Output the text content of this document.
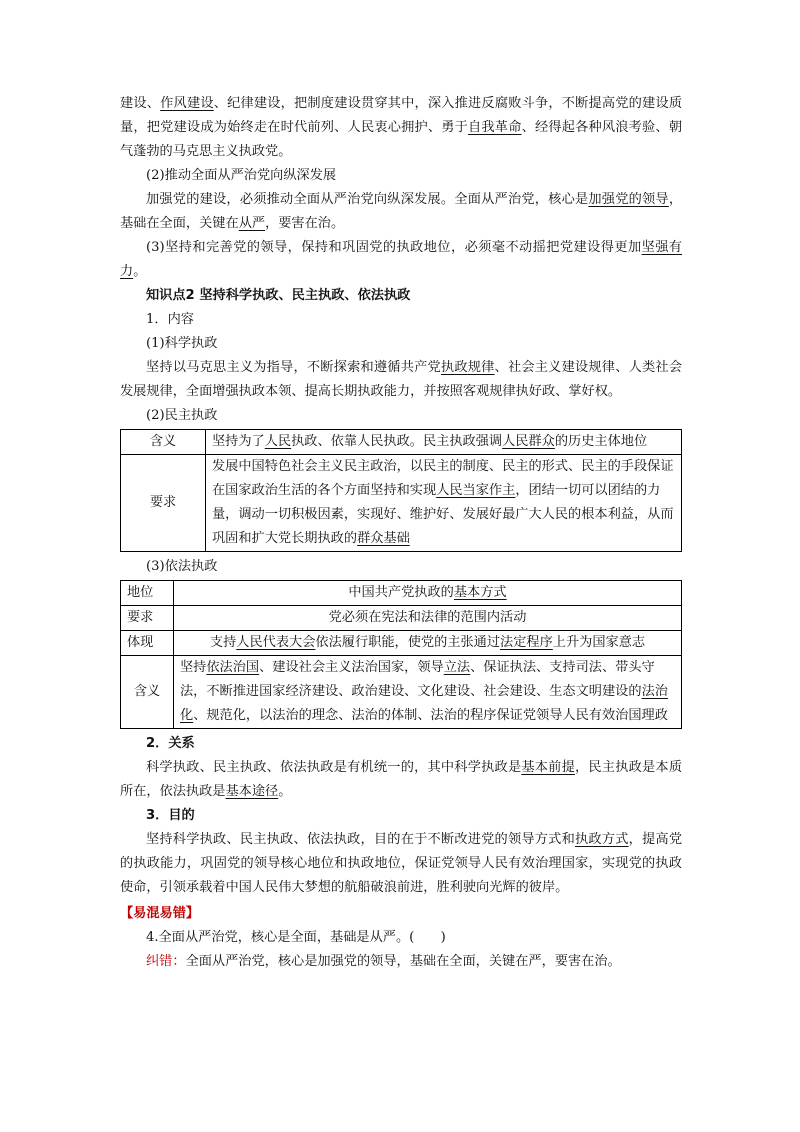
建设、作风建设、纪律建设，把制度建设贯穿其中，深入推进反腐败斗争，不断提高党的建设质量，把党建设成为始终走在时代前列、人民衷心拥护、勇于自我革命、经得起各种风浪考验、朝气蓬勃的马克思主义执政党。

(2)推动全面从严治党向纵深发展

加强党的建设，必须推动全面从严治党向纵深发展。全面从严治党，核心是加强党的领导，基础在全面，关键在从严，要害在治。

(3)坚持和完善党的领导，保持和巩固党的执政地位，必须毫不动摇把党建设得更加坚强有力。

知识点2 坚持科学执政、民主执政、依法执政

1．内容

(1)科学执政

坚持以马克思主义为指导，不断探索和遵循共产党执政规律、社会主义建设规律、人类社会发展规律，全面增强执政本领、提高长期执政能力，并按照客观规律执好政、掌好权。

(2)民主执政

含义	坚持为了人民执政、依靠人民执政。民主执政强调人民群众的历史主体地位
要求	发展中国特色社会主义民主政治，以民主的制度、民主的形式、民主的手段保证在国家政治生活的各个方面坚持和实现人民当家作主，团结一切可以团结的力量，调动一切积极因素，实现好、维护好、发展好最广大人民的根本利益，从而巩固和扩大党长期执政的群众基础

(3)依法执政

地位	中国共产党执政的基本方式
要求	党必须在宪法和法律的范围内活动
体现	支持人民代表大会依法履行职能，使党的主张通过法定程序上升为国家意志
含义	坚持依法治国、建设社会主义法治国家，领导立法、保证执法、支持司法、带头守法，不断推进国家经济建设、政治建设、文化建设、社会建设、生态文明建设的法治化、规范化，以法治的理念、法治的体制、法治的程序保证党领导人民有效治国理政

2．关系

科学执政、民主执政、依法执政是有机统一的，其中科学执政是基本前提，民主执政是本质所在，依法执政是基本途径。

3．目的

坚持科学执政、民主执政、依法执政，目的在于不断改进党的领导方式和执政方式，提高党的执政能力，巩固党的领导核心地位和执政地位，保证党领导人民有效治理国家，实现党的执政使命，引领承载着中国人民伟大梦想的航船破浪前进，胜利驶向光辉的彼岸。

【易混易错】

4.全面从严治党，核心是全面，基础是从严。(　　)

纠错：全面从严治党，核心是加强党的领导，基础在全面，关键在严，要害在治。
